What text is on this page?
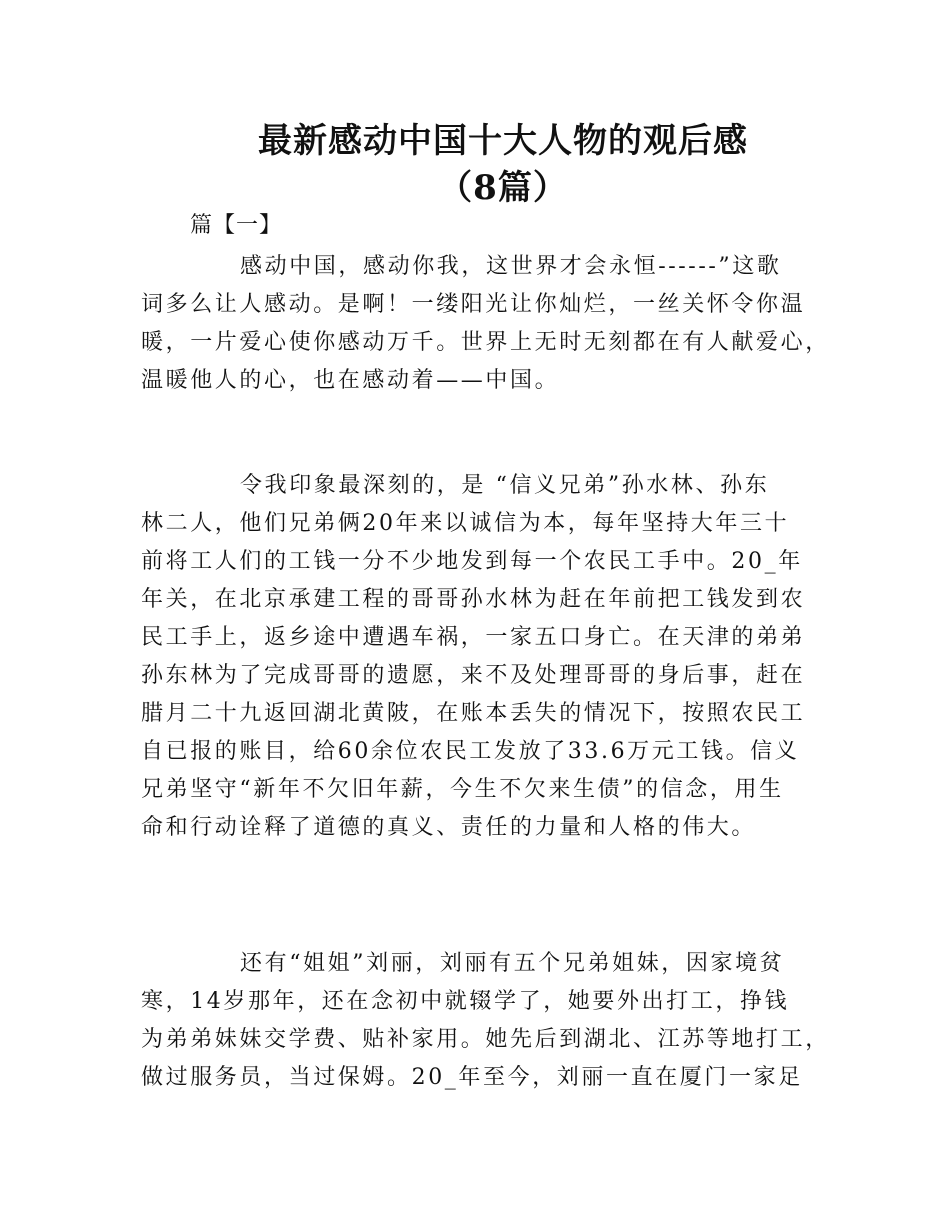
最新感动中国十大人物的观后感
（8篇）
篇【一】
感动中国，感动你我，这世界才会永恒------”这歌
词多么让人感动。是啊！一缕阳光让你灿烂，一丝关怀令你温
暖，一片爱心使你感动万千。世界上无时无刻都在有人献爱心，
温暖他人的心，也在感动着——中国。
令我印象最深刻的，是 “信义兄弟”孙水林、孙东
林二人，他们兄弟俩20年来以诚信为本，每年坚持大年三十
前将工人们的工钱一分不少地发到每一个农民工手中。20_年
年关，在北京承建工程的哥哥孙水林为赶在年前把工钱发到农
民工手上，返乡途中遭遇车祸，一家五口身亡。在天津的弟弟
孙东林为了完成哥哥的遗愿，来不及处理哥哥的身后事，赶在
腊月二十九返回湖北黄陂，在账本丢失的情况下，按照农民工
自已报的账目，给60余位农民工发放了33.6万元工钱。信义
兄弟坚守“新年不欠旧年薪，今生不欠来生债”的信念，用生
命和行动诠释了道德的真义、责任的力量和人格的伟大。
还有“姐姐”刘丽，刘丽有五个兄弟姐妹，因家境贫
寒，14岁那年，还在念初中就辍学了，她要外出打工，挣钱
为弟弟妹妹交学费、贴补家用。她先后到湖北、江苏等地打工，
做过服务员，当过保姆。20_年至今，刘丽一直在厦门一家足
